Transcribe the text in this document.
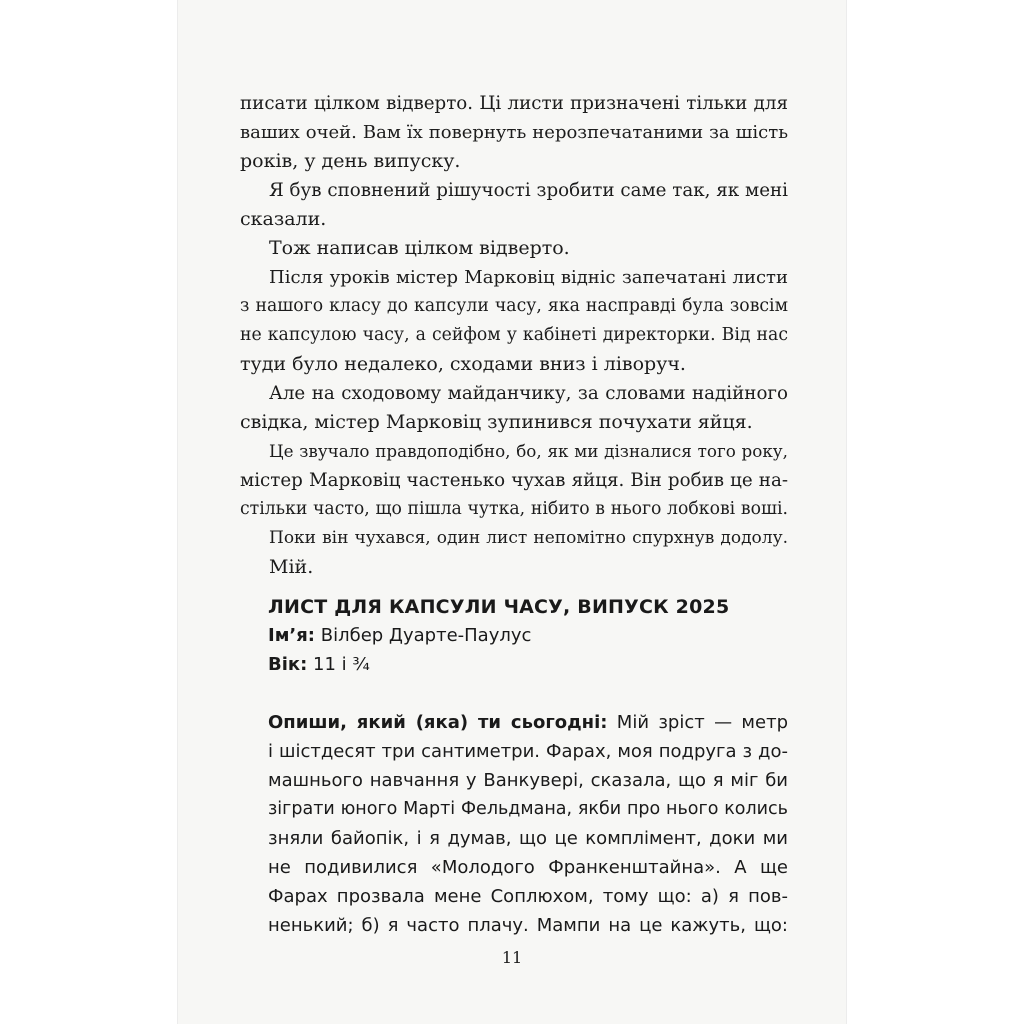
писати цілком відверто. Ці листи призначені тільки для
ваших очей. Вам їх повернуть нерозпечатаними за шість
років, у день випуску.
Я був сповнений рішучості зробити саме так, як мені
сказали.
Тож написав цілком відверто.
Після уроків містер Марковіц відніс запечатані листи
з нашого класу до капсули часу, яка насправді була зовсім
не капсулою часу, а сейфом у кабінеті директорки. Від нас
туди було недалеко, сходами вниз і ліворуч.
Але на сходовому майданчику, за словами надійного
свідка, містер Марковіц зупинився почухати яйця.
Це звучало правдоподібно, бо, як ми дізналися того року,
містер Марковіц частенько чухав яйця. Він робив це на-
стільки часто, що пішла чутка, нібито в нього лобкові воші.
Поки він чухався, один лист непомітно спурхнув додолу.
Мій.
ЛИСТ ДЛЯ КАПСУЛИ ЧАСУ, ВИПУСК 2025
Ім’я: Вілбер Дуарте-Паулус
Вік: 11 і ¾
Опиши, який (яка) ти сьогодні: Мій зріст — метр
і шістдесят три сантиметри. Фарах, моя подруга з до-
машнього навчання у Ванкувері, сказала, що я міг би
зіграти юного Марті Фельдмана, якби про нього колись
зняли байопік, і я думав, що це комплімент, доки ми
не подивилися «Молодого Франкенштайна». А ще
Фарах прозвала мене Соплюхом, тому що: а) я пов-
ненький; б) я часто плачу. Мампи на це кажуть, що:
11
